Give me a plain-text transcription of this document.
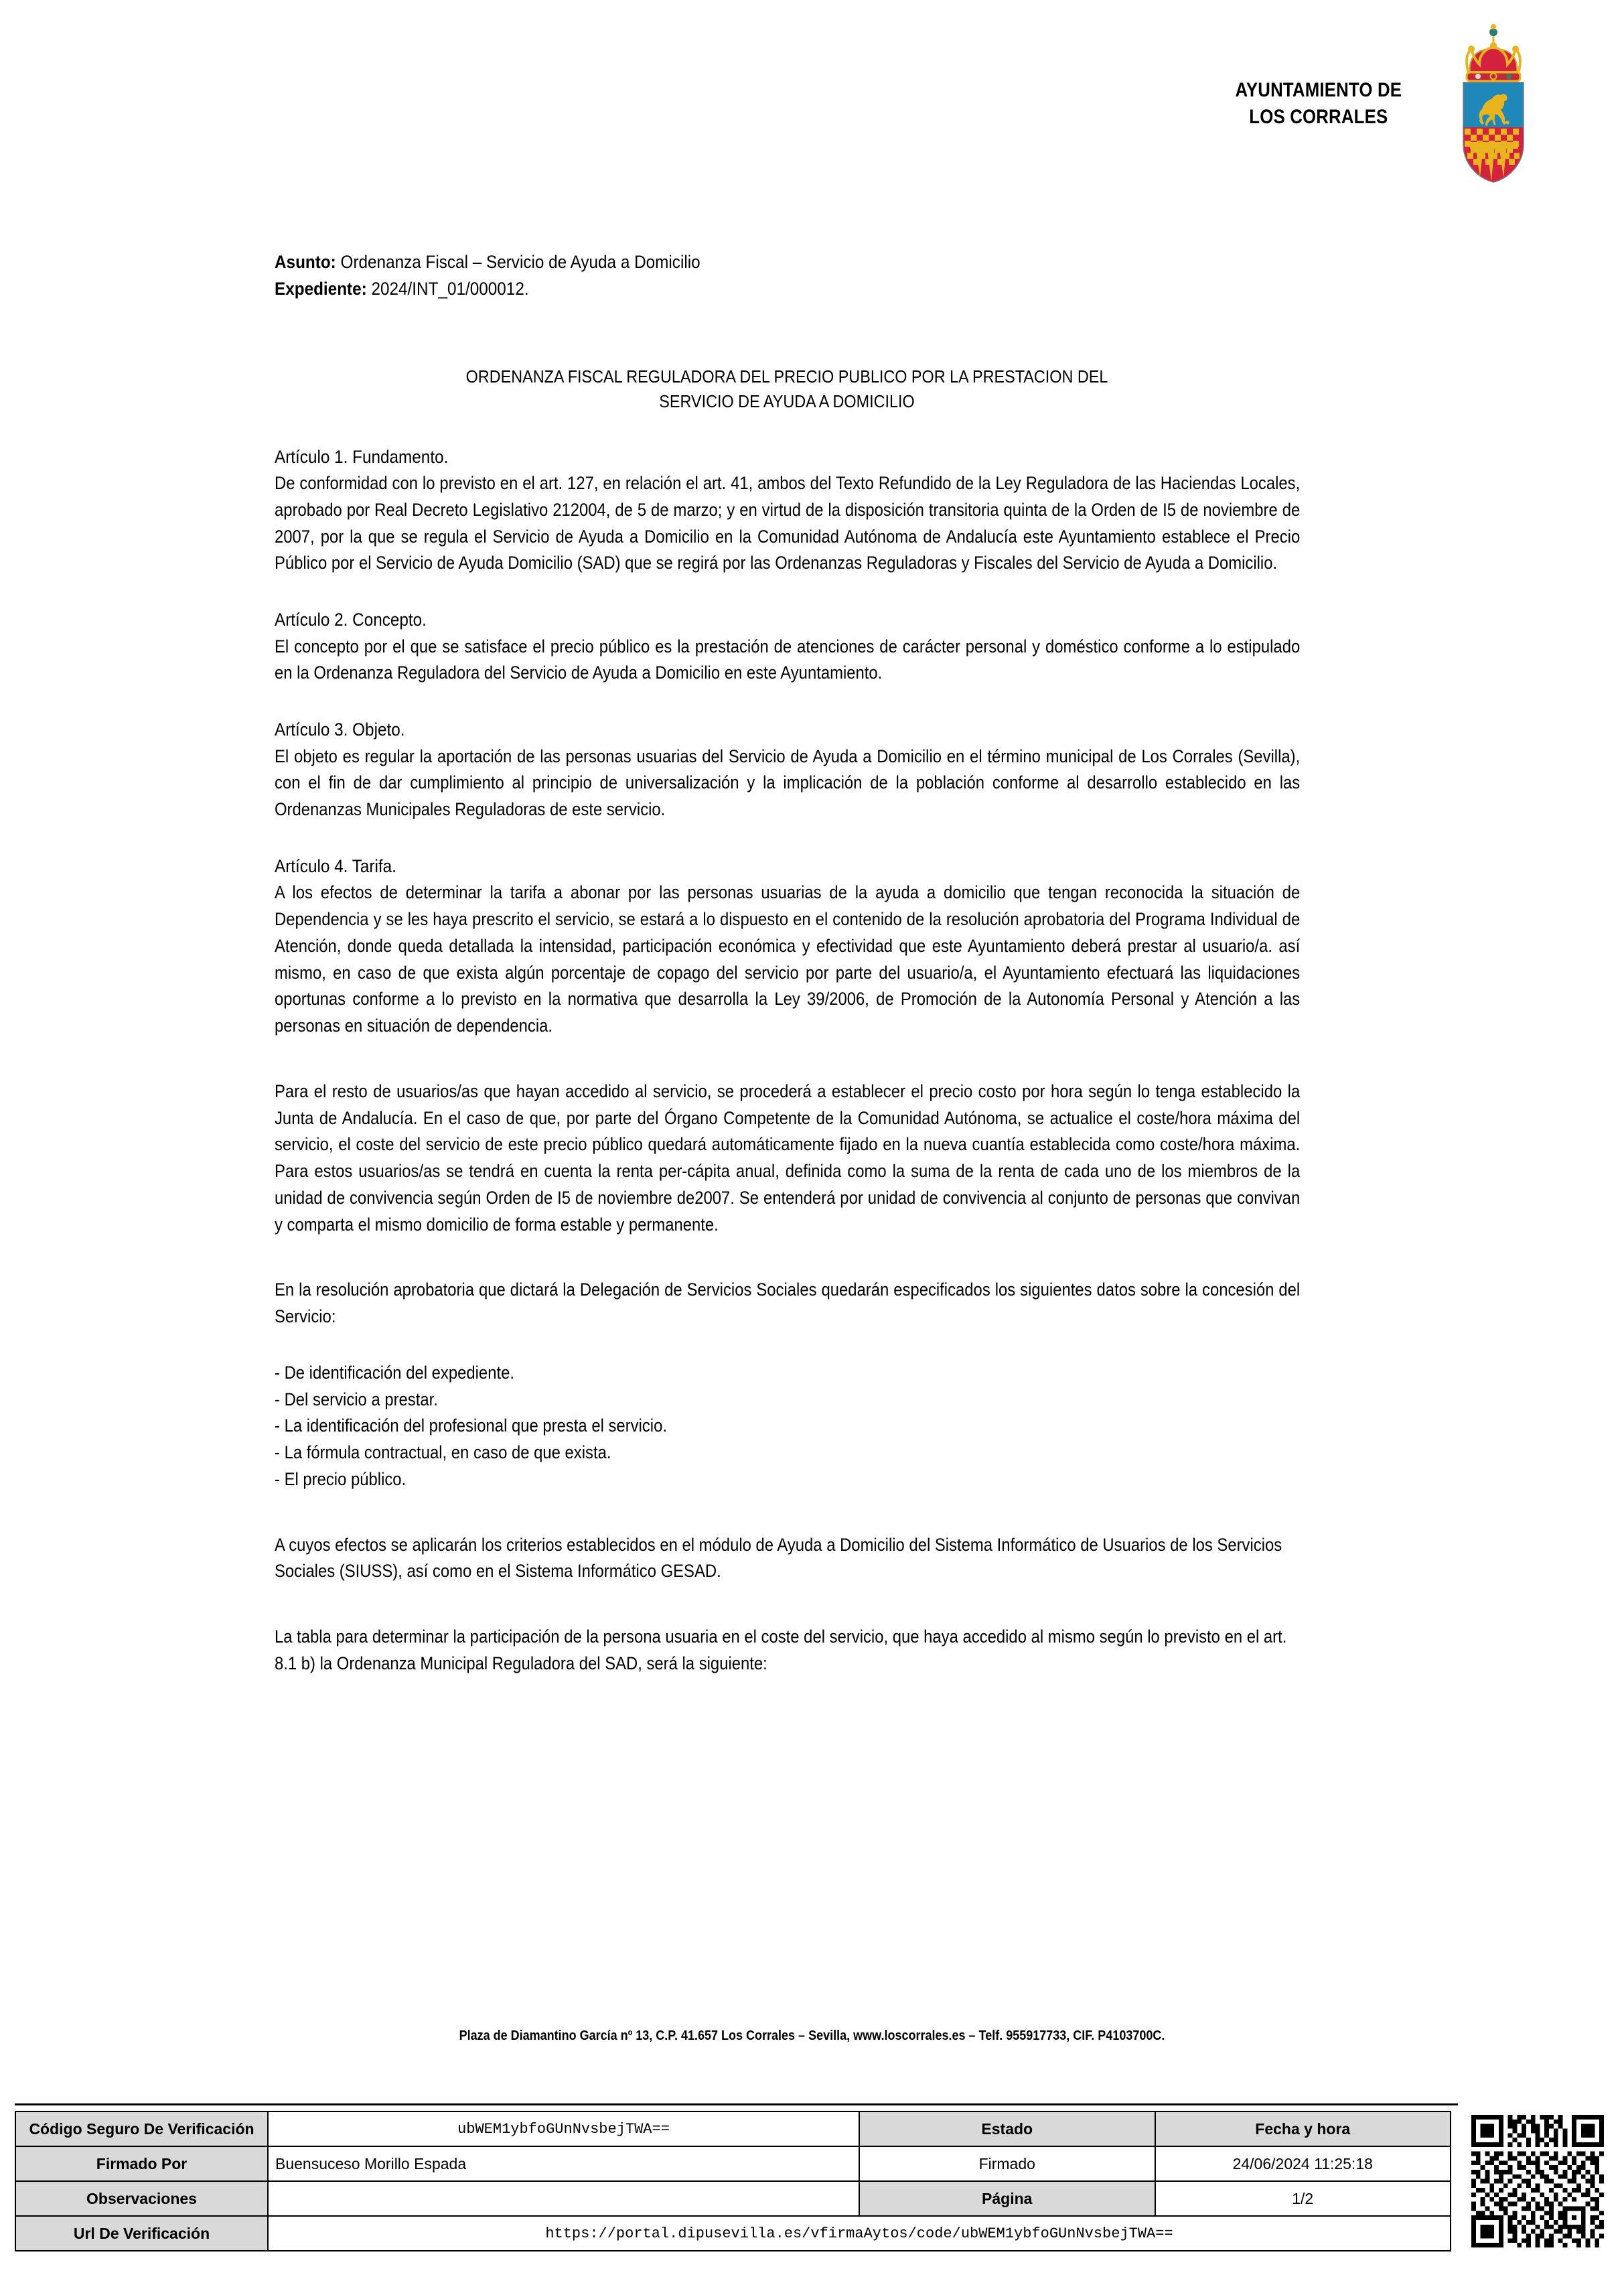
AYUNTAMIENTO DE
LOS CORRALES
Asunto: Ordenanza Fiscal – Servicio de Ayuda a Domicilio
Expediente: 2024/INT_01/000012.
ORDENANZA FISCAL REGULADORA DEL PRECIO PUBLICO POR LA PRESTACION DEL
SERVICIO DE AYUDA A DOMICILIO
Artículo 1. Fundamento.
De conformidad con lo previsto en el art. 127, en relación el art. 41, ambos del Texto Refundido de la Ley Reguladora de las Haciendas Locales, aprobado por Real Decreto Legislativo 212004, de 5 de marzo; y en virtud de la disposición transitoria quinta de la Orden de I5 de noviembre de 2007, por la que se regula el Servicio de Ayuda a Domicilio en la Comunidad Autónoma de Andalucía este Ayuntamiento establece el Precio Público por el Servicio de Ayuda Domicilio (SAD) que se regirá por las Ordenanzas Reguladoras y Fiscales del Servicio de Ayuda a Domicilio.
Artículo 2. Concepto.
El concepto por el que se satisface el precio público es la prestación de atenciones de carácter personal y doméstico conforme a lo estipulado en la Ordenanza Reguladora del Servicio de Ayuda a Domicilio en este Ayuntamiento.
Artículo 3. Objeto.
El objeto es regular la aportación de las personas usuarias del Servicio de Ayuda a Domicilio en el término municipal de Los Corrales (Sevilla), con el fin de dar cumplimiento al principio de universalización y la implicación de la población conforme al desarrollo establecido en las Ordenanzas Municipales Reguladoras de este servicio.
Artículo 4. Tarifa.
A los efectos de determinar la tarifa a abonar por las personas usuarias de la ayuda a domicilio que tengan reconocida la situación de Dependencia y se les haya prescrito el servicio, se estará a lo dispuesto en el contenido de la resolución aprobatoria del Programa Individual de Atención, donde queda detallada la intensidad, participación económica y efectividad que este Ayuntamiento deberá prestar al usuario/a. así mismo, en caso de que exista algún porcentaje de copago del servicio por parte del usuario/a, el Ayuntamiento efectuará las liquidaciones oportunas conforme a lo previsto en la normativa que desarrolla la Ley 39/2006, de Promoción de la Autonomía Personal y Atención a las personas en situación de dependencia.
Para el resto de usuarios/as que hayan accedido al servicio, se procederá a establecer el precio costo por hora según lo tenga establecido la Junta de Andalucía. En el caso de que, por parte del Órgano Competente de la Comunidad Autónoma, se actualice el coste/hora máxima del servicio, el coste del servicio de este precio público quedará automáticamente fijado en la nueva cuantía establecida como coste/hora máxima. Para estos usuarios/as se tendrá en cuenta la renta per-cápita anual, definida como la suma de la renta de cada uno de los miembros de la unidad de convivencia según Orden de I5 de noviembre de2007. Se entenderá por unidad de convivencia al conjunto de personas que convivan y comparta el mismo domicilio de forma estable y permanente.
En la resolución aprobatoria que dictará la Delegación de Servicios Sociales quedarán especificados los siguientes datos sobre la concesión del Servicio:
- De identificación del expediente.
- Del servicio a prestar.
- La identificación del profesional que presta el servicio.
- La fórmula contractual, en caso de que exista.
- El precio público.
A cuyos efectos se aplicarán los criterios establecidos en el módulo de Ayuda a Domicilio del Sistema Informático de Usuarios de los Servicios Sociales (SIUSS), así como en el Sistema Informático GESAD.
La tabla para determinar la participación de la persona usuaria en el coste del servicio, que haya accedido al mismo según lo previsto en el art. 8.1 b) la Ordenanza Municipal Reguladora del SAD, será la siguiente:
Plaza de Diamantino García nº 13, C.P. 41.657 Los Corrales – Sevilla, www.loscorrales.es – Telf. 955917733, CIF. P4103700C.
Código Seguro De Verificación	ubWEM1ybfoGUnNvsbejTWA==	Estado	Fecha y hora
Firmado Por	Buensuceso Morillo Espada	Firmado	24/06/2024 11:25:18
Observaciones		Página	1/2
Url De Verificación	https://portal.dipusevilla.es/vfirmaAytos/code/ubWEM1ybfoGUnNvsbejTWA==		
